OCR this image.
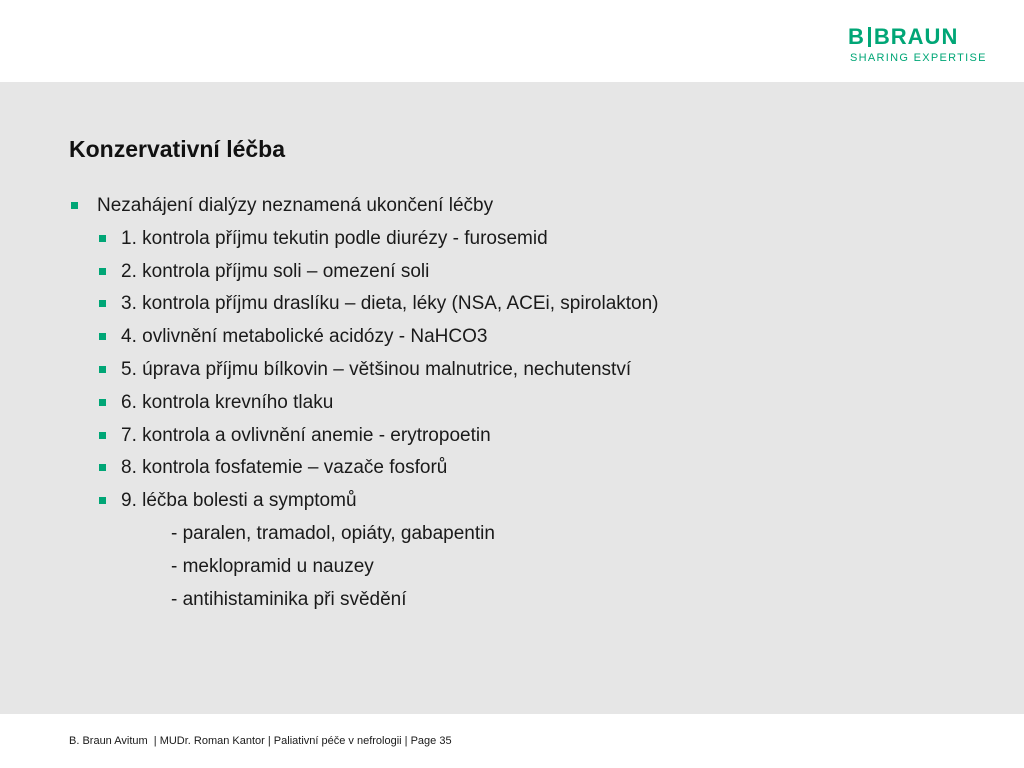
B BRAUN
SHARING EXPERTISE
Konzervativní léčba
Nezahájení dialýzy neznamená ukončení léčby
1. kontrola příjmu tekutin podle diurézy - furosemid
2. kontrola příjmu soli – omezení soli
3. kontrola příjmu draslíku – dieta, léky (NSA, ACEi, spirolakton)
4. ovlivnění metabolické acidózy - NaHCO3
5. úprava příjmu bílkovin – většinou malnutrice, nechutenství
6. kontrola krevního tlaku
7. kontrola a ovlivnění anemie - erytropoetin
8. kontrola fosfatemie – vazače fosforů
9. léčba bolesti a symptomů
- paralen, tramadol, opiáty, gabapentin
- meklopramid u nauzey
- antihistaminika při svědění
B. Braun Avitum  | MUDr. Roman Kantor | Paliativní péče v nefrologii | Page 35
